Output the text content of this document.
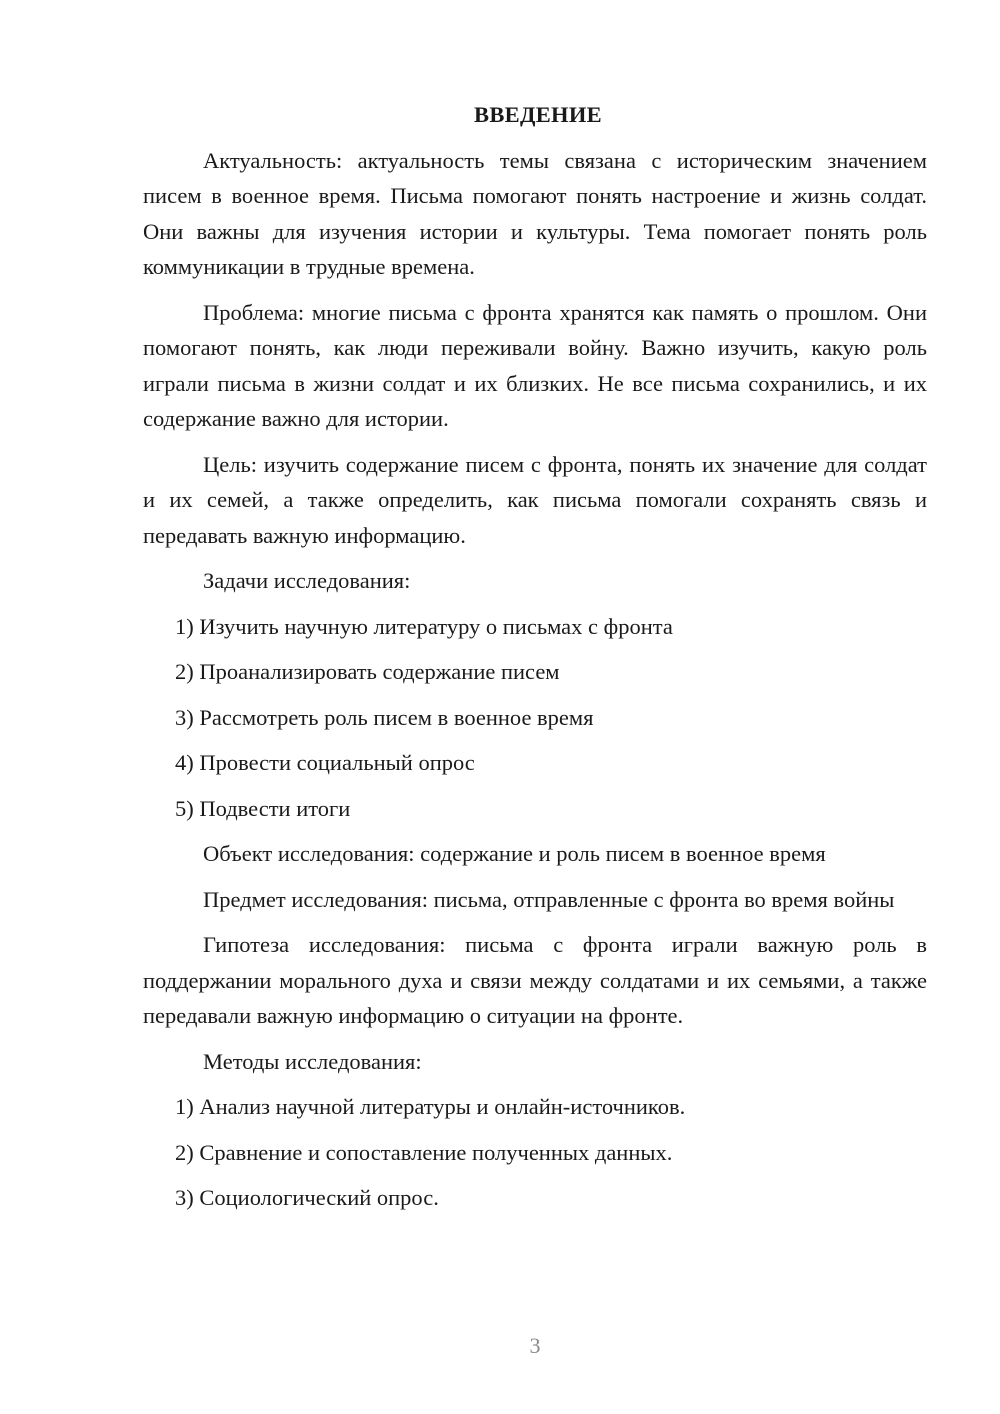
ВВЕДЕНИЕ

Актуальность: актуальность темы связана с историческим значением писем в военное время. Письма помогают понять настроение и жизнь солдат. Они важны для изучения истории и культуры. Тема помогает понять роль коммуникации в трудные времена.

Проблема: многие письма с фронта хранятся как память о прошлом. Они помогают понять, как люди переживали войну. Важно изучить, какую роль играли письма в жизни солдат и их близких. Не все письма сохранились, и их содержание важно для истории.

Цель: изучить содержание писем с фронта, понять их значение для солдат и их семей, а также определить, как письма помогали сохранять связь и передавать важную информацию.

Задачи исследования:
1) Изучить научную литературу о письмах с фронта
2) Проанализировать содержание писем
3) Рассмотреть роль писем в военное время
4) Провести социальный опрос
5) Подвести итоги
Объект исследования: содержание и роль писем в военное время

Предмет исследования: письма, отправленные с фронта во время войны

Гипотеза исследования: письма с фронта играли важную роль в поддержании морального духа и связи между солдатами и их семьями, а также передавали важную информацию о ситуации на фронте.

Методы исследования:
1) Анализ научной литературы и онлайн-источников.
2) Сравнение и сопоставление полученных данных.
3) Социологический опрос.
3
